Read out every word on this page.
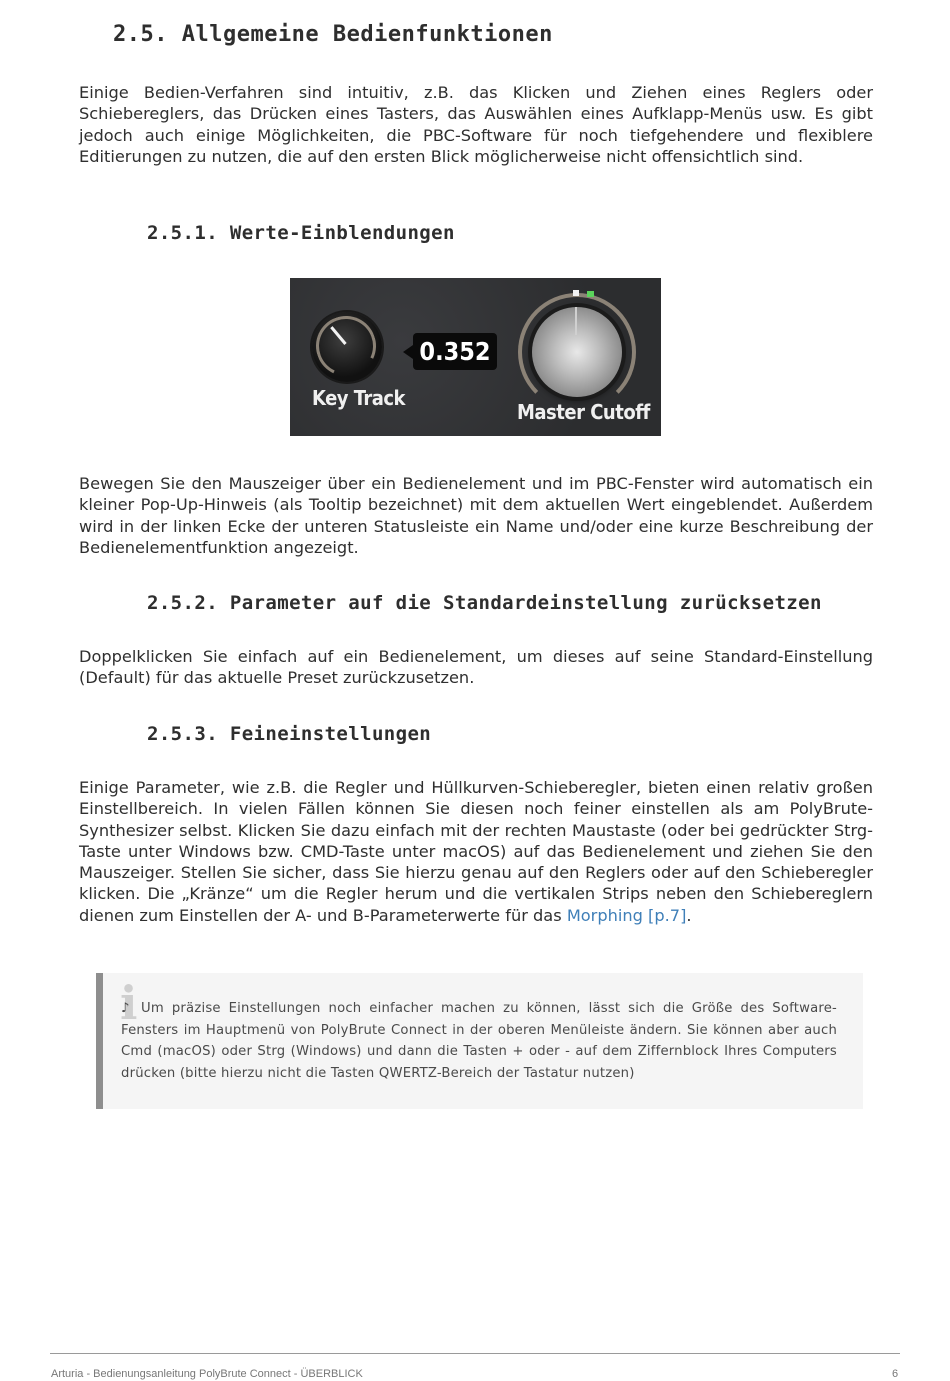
2.5. Allgemeine Bedienfunktionen

Einige Bedien-Verfahren sind intuitiv, z.B. das Klicken und Ziehen eines Reglers oder Schiebereglers, das Drücken eines Tasters, das Auswählen eines Aufklapp-Menüs usw. Es gibt jedoch auch einige Möglichkeiten, die PBC-Software für noch tiefgehendere und flexiblere Editierungen zu nutzen, die auf den ersten Blick möglicherweise nicht offensichtlich sind.

2.5.1. Werte-Einblendungen
Key Track
0.352
Master Cutoff

Bewegen Sie den Mauszeiger über ein Bedienelement und im PBC-Fenster wird automatisch ein kleiner Pop-Up-Hinweis (als Tooltip bezeichnet) mit dem aktuellen Wert eingeblendet. Außerdem wird in der linken Ecke der unteren Statusleiste ein Name und/oder eine kurze Beschreibung der Bedienelementfunktion angezeigt.

2.5.2. Parameter auf die Standardeinstellung zurücksetzen

Doppelklicken Sie einfach auf ein Bedienelement, um dieses auf seine Standard-Einstellung (Default) für das aktuelle Preset zurückzusetzen.

2.5.3. Feineinstellungen

Einige Parameter, wie z.B. die Regler und Hüllkurven-Schieberegler, bieten einen relativ großen Einstellbereich. In vielen Fällen können Sie diesen noch feiner einstellen als am PolyBrute-Synthesizer selbst. Klicken Sie dazu einfach mit der rechten Maustaste (oder bei gedrückter Strg-Taste unter Windows bzw. CMD-Taste unter macOS) auf das Bedienelement und ziehen Sie den Mauszeiger. Stellen Sie sicher, dass Sie hierzu genau auf den Reglers oder auf den Schieberegler klicken. Die „Kränze“ um die Regler herum und die vertikalen Strips neben den Schiebereglern dienen zum Einstellen der A- und B-Parameterwerte für das Morphing [p.7].

i

♪ Um präzise Einstellungen noch einfacher machen zu können, lässt sich die Größe des Software-Fensters im Hauptmenü von PolyBrute Connect in der oberen Menüleiste ändern. Sie können aber auch Cmd (macOS) oder Strg (Windows) und dann die Tasten + oder - auf dem Ziffernblock Ihres Computers drücken (bitte hierzu nicht die Tasten QWERTZ-Bereich der Tastatur nutzen)

Arturia - Bedienungsanleitung PolyBrute Connect - ÜBERBLICK	6
